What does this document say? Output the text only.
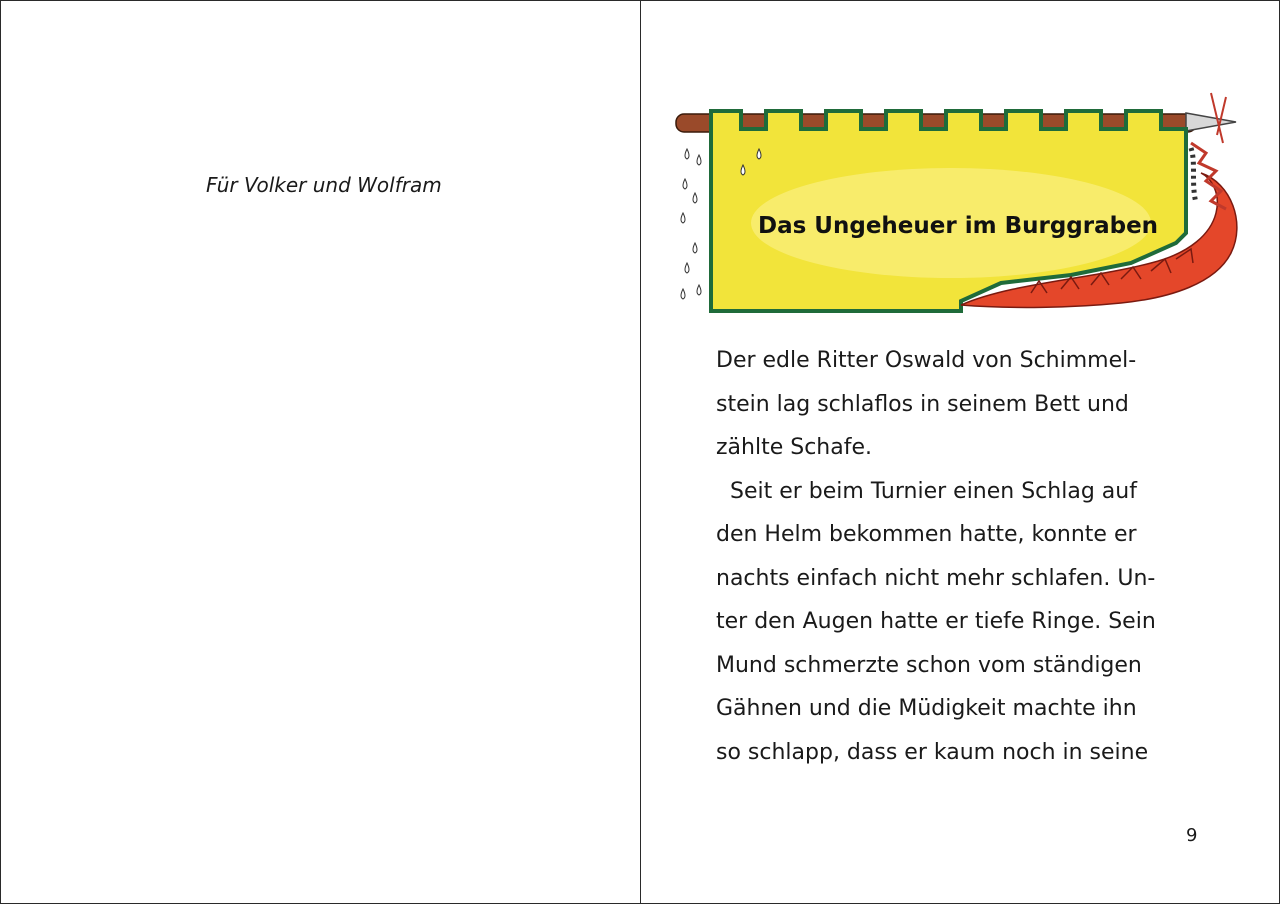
Für Volker und Wolfram
Das Ungeheuer im Burggraben
Der edle Ritter Oswald von Schimmel-
stein lag schlaflos in seinem Bett und
zählte Schafe.
Seit er beim Turnier einen Schlag auf
den Helm bekommen hatte, konnte er
nachts einfach nicht mehr schlafen. Un-
ter den Augen hatte er tiefe Ringe. Sein
Mund schmerzte schon vom ständigen
Gähnen und die Müdigkeit machte ihn
so schlapp, dass er kaum noch in seine
9
